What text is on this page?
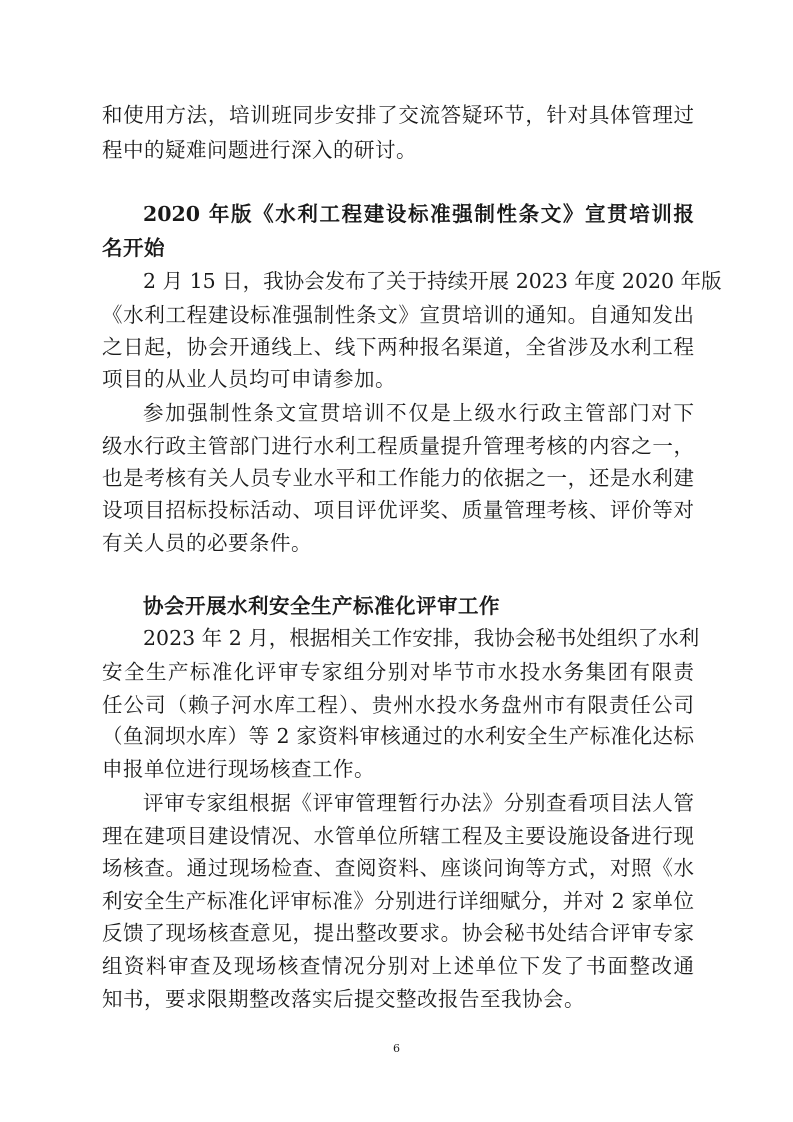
和使用方法，培训班同步安排了交流答疑环节，针对具体管理过

程中的疑难问题进行深入的研讨。

2020 年版《水利工程建设标准强制性条文》宣贯培训报
名开始

2 月 15 日，我协会发布了关于持续开展 2023 年度 2020 年版

《水利工程建设标准强制性条文》宣贯培训的通知。自通知发出

之日起，协会开通线上、线下两种报名渠道，全省涉及水利工程

项目的从业人员均可申请参加。

参加强制性条文宣贯培训不仅是上级水行政主管部门对下

级水行政主管部门进行水利工程质量提升管理考核的内容之一，

也是考核有关人员专业水平和工作能力的依据之一，还是水利建

设项目招标投标活动、项目评优评奖、质量管理考核、评价等对

有关人员的必要条件。

协会开展水利安全生产标准化评审工作

2023 年 2 月，根据相关工作安排，我协会秘书处组织了水利

安全生产标准化评审专家组分别对毕节市水投水务集团有限责

任公司（赖子河水库工程）、贵州水投水务盘州市有限责任公司

（鱼洞坝水库）等 2 家资料审核通过的水利安全生产标准化达标

申报单位进行现场核查工作。

评审专家组根据《评审管理暂行办法》分别查看项目法人管

理在建项目建设情况、水管单位所辖工程及主要设施设备进行现

场核查。通过现场检查、查阅资料、座谈问询等方式，对照《水

利安全生产标准化评审标准》分别进行详细赋分，并对 2 家单位

反馈了现场核查意见，提出整改要求。协会秘书处结合评审专家

组资料审查及现场核查情况分别对上述单位下发了书面整改通

知书，要求限期整改落实后提交整改报告至我协会。

6
